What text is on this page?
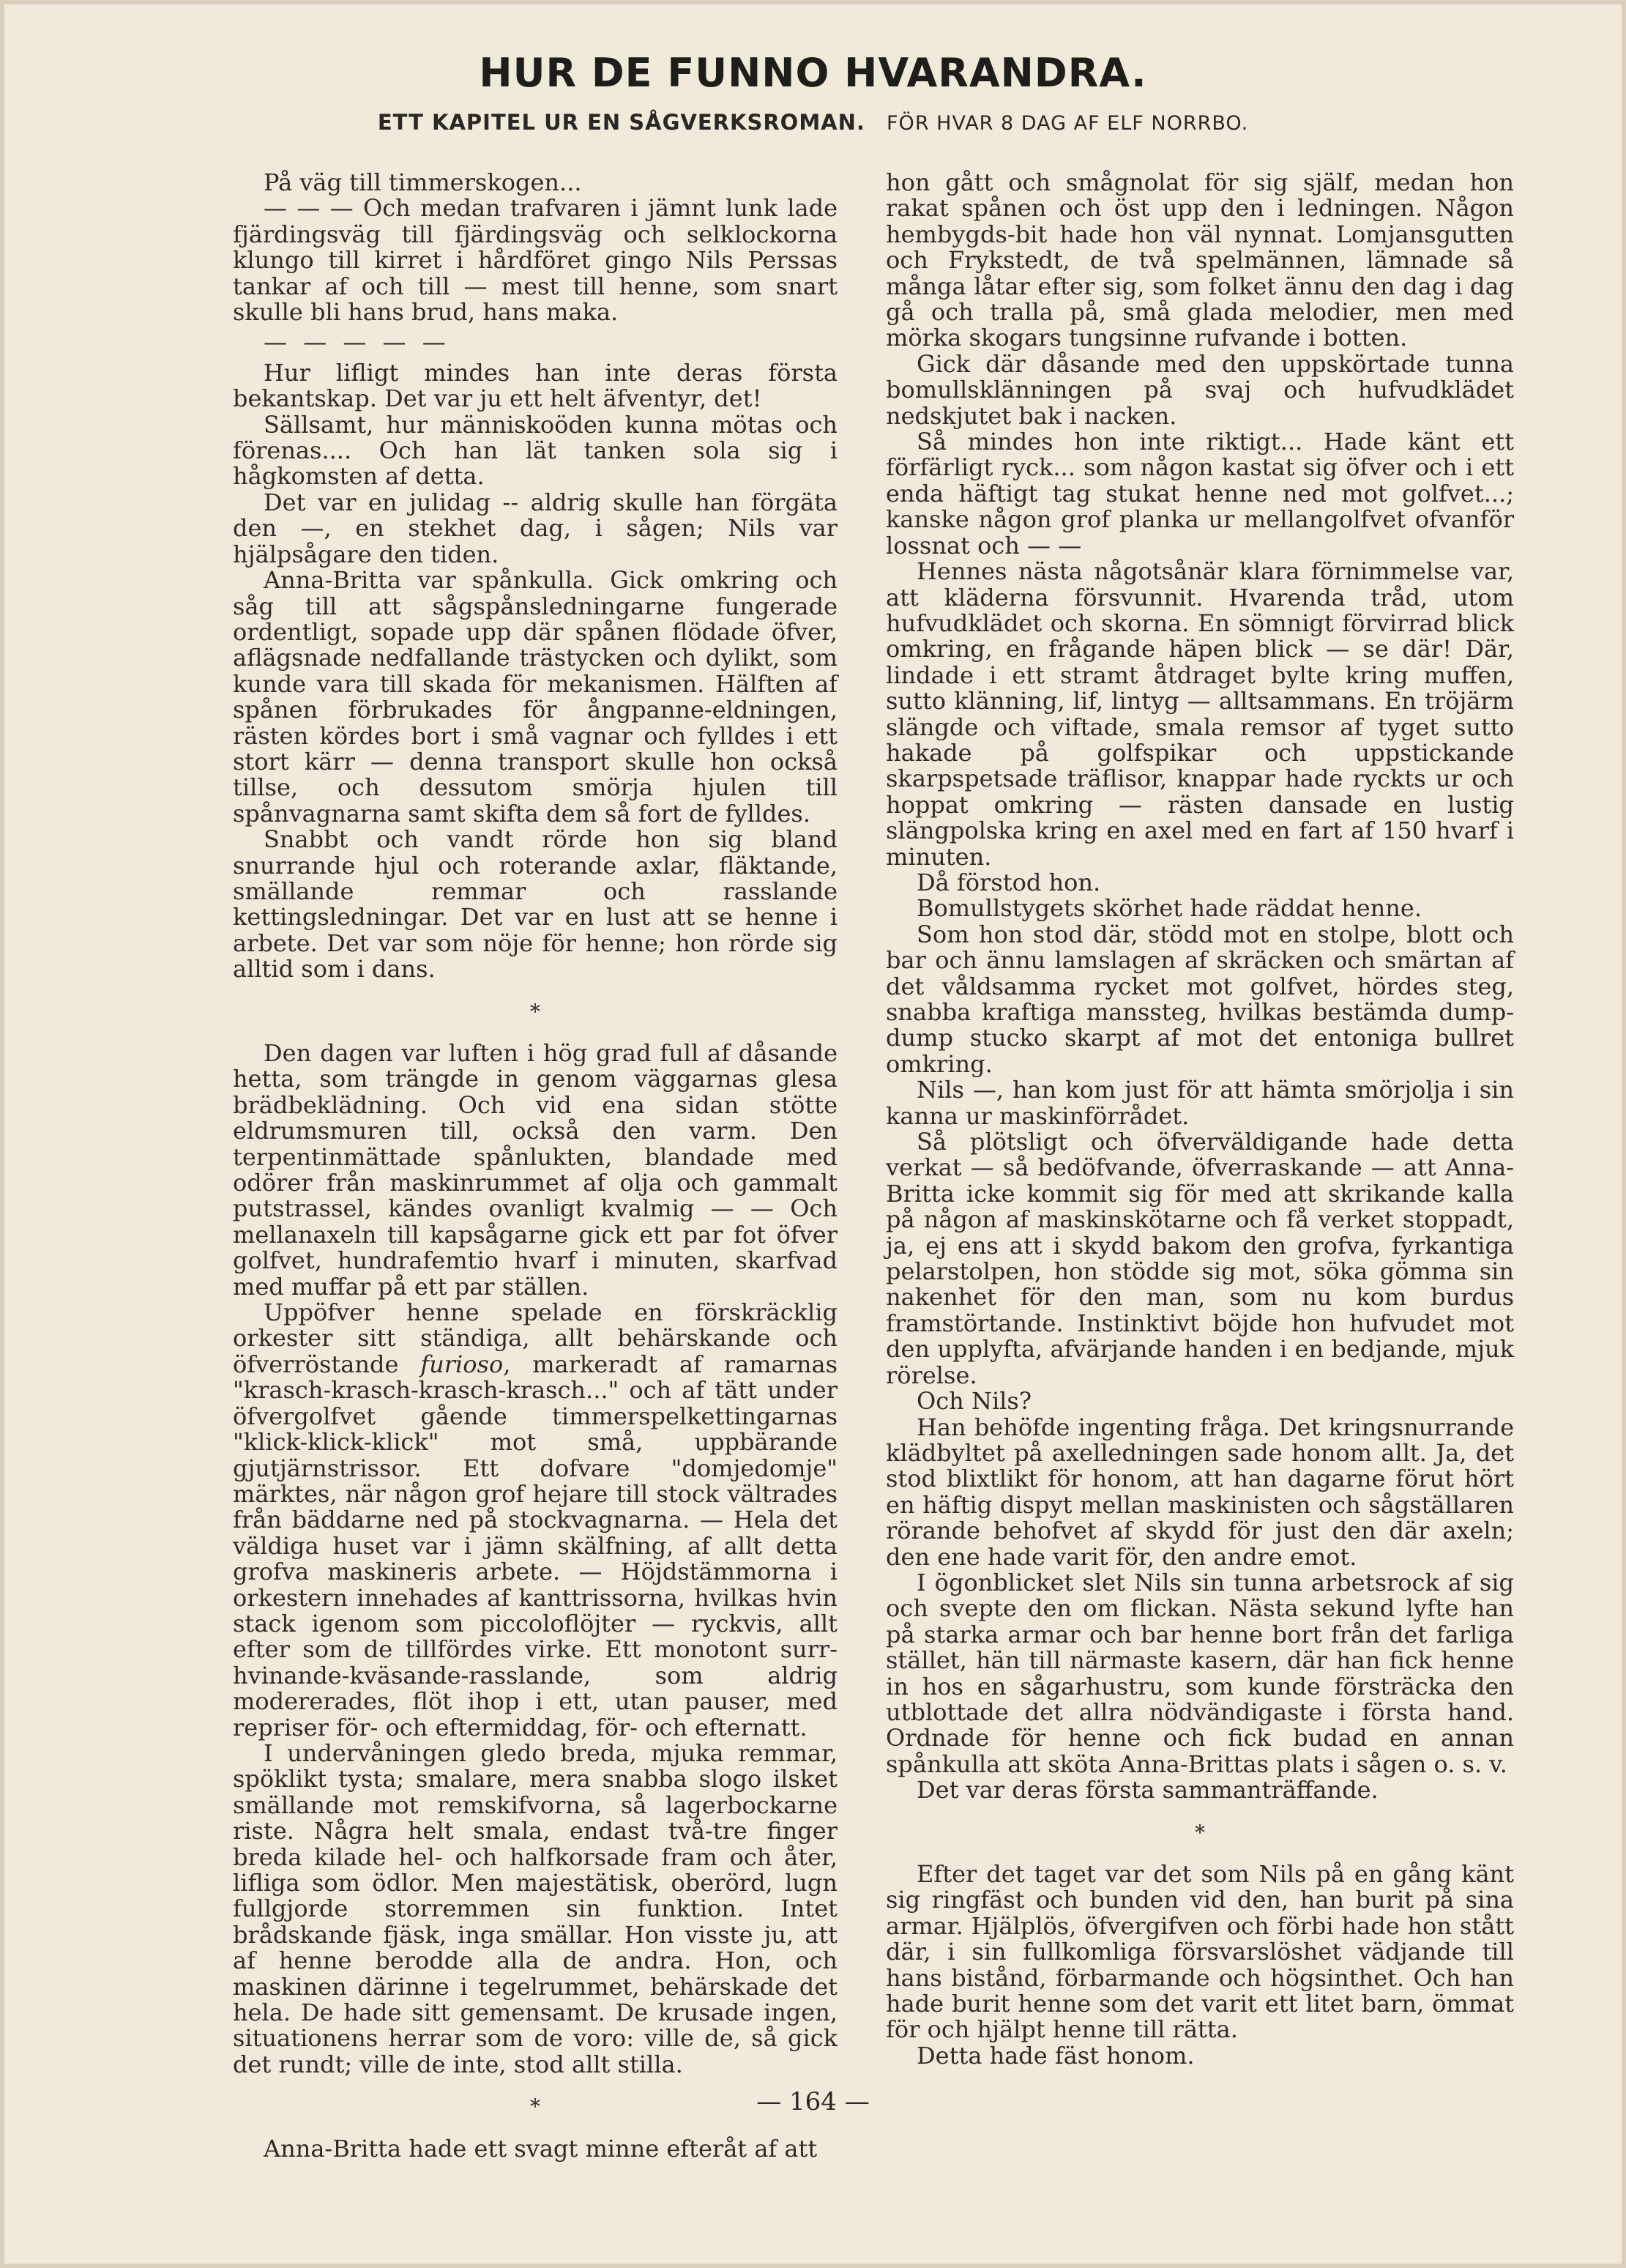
HUR DE FUNNO HVARANDRA.
ETT KAPITEL UR EN SÅGVERKSROMAN. FÖR HVAR 8 DAG AF ELF NORRBO.

På väg till timmerskogen...

— — — Och medan trafvaren i jämnt lunk lade fjärdingsväg till fjärdingsväg och selklockorna klungo till kirret i hårdföret gingo Nils Perssas tankar af och till — mest till henne, som snart skulle bli hans brud, hans maka.

— — — — —

Hur lifligt mindes han inte deras första bekantskap. Det var ju ett helt äfventyr, det!

Sällsamt, hur människoöden kunna mötas och förenas.... Och han lät tanken sola sig i hågkomsten af detta.

Det var en julidag -- aldrig skulle han förgäta den —, en stekhet dag, i sågen; Nils var hjälpsågare den tiden.

Anna-Britta var spånkulla. Gick omkring och såg till att sågspånsledningarne fungerade ordentligt, sopade upp där spånen flödade öfver, aflägsnade nedfallande trästycken och dylikt, som kunde vara till skada för mekanismen. Hälften af spånen förbrukades för ångpanne-eldningen, rästen kördes bort i små vagnar och fylldes i ett stort kärr — denna transport skulle hon också tillse, och dessutom smörja hjulen till spånvagnarna samt skifta dem så fort de fylldes.

Snabbt och vandt rörde hon sig bland snurrande hjul och roterande axlar, fläktande, smällande remmar och rasslande kettingsledningar. Det var en lust att se henne i arbete. Det var som nöje för henne; hon rörde sig alltid som i dans.

*

Den dagen var luften i hög grad full af dåsande hetta, som trängde in genom väggarnas glesa brädbeklädning. Och vid ena sidan stötte eldrumsmuren till, också den varm. Den terpentinmättade spånlukten, blandade med odörer från maskinrummet af olja och gammalt putstrassel, kändes ovanligt kvalmig — — Och mellanaxeln till kapsågarne gick ett par fot öfver golfvet, hundrafemtio hvarf i minuten, skarfvad med muffar på ett par ställen.

Uppöfver henne spelade en förskräcklig orkester sitt ständiga, allt behärskande och öfverröstande furioso, markeradt af ramarnas "krasch-krasch-krasch-krasch..." och af tätt under öfvergolfvet gående timmerspelkettingarnas "klick-klick-klick" mot små, uppbärande gjutjärnstrissor. Ett dofvare "domjedomje" märktes, när någon grof hejare till stock vältrades från bäddarne ned på stockvagnarna. — Hela det väldiga huset var i jämn skälfning, af allt detta grofva maskineris arbete. — Höjdstämmorna i orkestern innehades af kanttrissorna, hvilkas hvin stack igenom som piccoloflöjter — ryckvis, allt efter som de tillfördes virke. Ett monotont surr-hvinande-kväsande-rasslande, som aldrig modererades, flöt ihop i ett, utan pauser, med repriser för- och eftermiddag, för- och efternatt.

I undervåningen gledo breda, mjuka remmar, spöklikt tysta; smalare, mera snabba slogo ilsket smällande mot remskifvorna, så lagerbockarne riste. Några helt smala, endast två-tre finger breda kilade hel- och halfkorsade fram och åter, lifliga som ödlor. Men majestätisk, oberörd, lugn fullgjorde storremmen sin funktion. Intet brådskande fjäsk, inga smällar. Hon visste ju, att af henne berodde alla de andra. Hon, och maskinen därinne i tegelrummet, behärskade det hela. De hade sitt gemensamt. De krusade ingen, situationens herrar som de voro: ville de, så gick det rundt; ville de inte, stod allt stilla.

*

Anna-Britta hade ett svagt minne efteråt af att

hon gått och smågnolat för sig själf, medan hon rakat spånen och öst upp den i ledningen. Någon hembygds-bit hade hon väl nynnat. Lomjansgutten och Frykstedt, de två spelmännen, lämnade så många låtar efter sig, som folket ännu den dag i dag gå och tralla på, små glada melodier, men med mörka skogars tungsinne rufvande i botten.

Gick där dåsande med den uppskörtade tunna bomullsklänningen på svaj och hufvudklädet nedskjutet bak i nacken.

Så mindes hon inte riktigt... Hade känt ett förfärligt ryck... som någon kastat sig öfver och i ett enda häftigt tag stukat henne ned mot golfvet...; kanske någon grof planka ur mellangolfvet ofvanför lossnat och — —

Hennes nästa någotsånär klara förnimmelse var, att kläderna försvunnit. Hvarenda tråd, utom hufvudklädet och skorna. En sömnigt förvirrad blick omkring, en frågande häpen blick — se där! Där, lindade i ett stramt åtdraget bylte kring muffen, sutto klänning, lif, lintyg — alltsammans. En tröjärm slängde och viftade, smala remsor af tyget sutto hakade på golfspikar och uppstickande skarpspetsade träflisor, knappar hade ryckts ur och hoppat omkring — rästen dansade en lustig slängpolska kring en axel med en fart af 150 hvarf i minuten.

Då förstod hon.

Bomullstygets skörhet hade räddat henne.

Som hon stod där, stödd mot en stolpe, blott och bar och ännu lamslagen af skräcken och smärtan af det våldsamma rycket mot golfvet, hördes steg, snabba kraftiga manssteg, hvilkas bestämda dump-dump stucko skarpt af mot det entoniga bullret omkring.

Nils —, han kom just för att hämta smörjolja i sin kanna ur maskinförrådet.

Så plötsligt och öfverväldigande hade detta verkat — så bedöfvande, öfverraskande — att Anna-Britta icke kommit sig för med att skrikande kalla på någon af maskinskötarne och få verket stoppadt, ja, ej ens att i skydd bakom den grofva, fyrkantiga pelarstolpen, hon stödde sig mot, söka gömma sin nakenhet för den man, som nu kom burdus framstörtande. Instinktivt böjde hon hufvudet mot den upplyfta, afvärjande handen i en bedjande, mjuk rörelse.

Och Nils?

Han behöfde ingenting fråga. Det kringsnurrande klädbyltet på axelledningen sade honom allt. Ja, det stod blixtlikt för honom, att han dagarne förut hört en häftig dispyt mellan maskinisten och sågställaren rörande behofvet af skydd för just den där axeln; den ene hade varit för, den andre emot.

I ögonblicket slet Nils sin tunna arbetsrock af sig och svepte den om flickan. Nästa sekund lyfte han på starka armar och bar henne bort från det farliga stället, hän till närmaste kasern, där han fick henne in hos en sågarhustru, som kunde försträcka den utblottade det allra nödvändigaste i första hand. Ordnade för henne och fick budad en annan spånkulla att sköta Anna-Brittas plats i sågen o. s. v.

Det var deras första sammanträffande.

*

Efter det taget var det som Nils på en gång känt sig ringfäst och bunden vid den, han burit på sina armar. Hjälplös, öfvergifven och förbi hade hon stått där, i sin fullkomliga försvarslöshet vädjande till hans bistånd, förbarmande och högsinthet. Och han hade burit henne som det varit ett litet barn, ömmat för och hjälpt henne till rätta.

Detta hade fäst honom.

— 164 —
